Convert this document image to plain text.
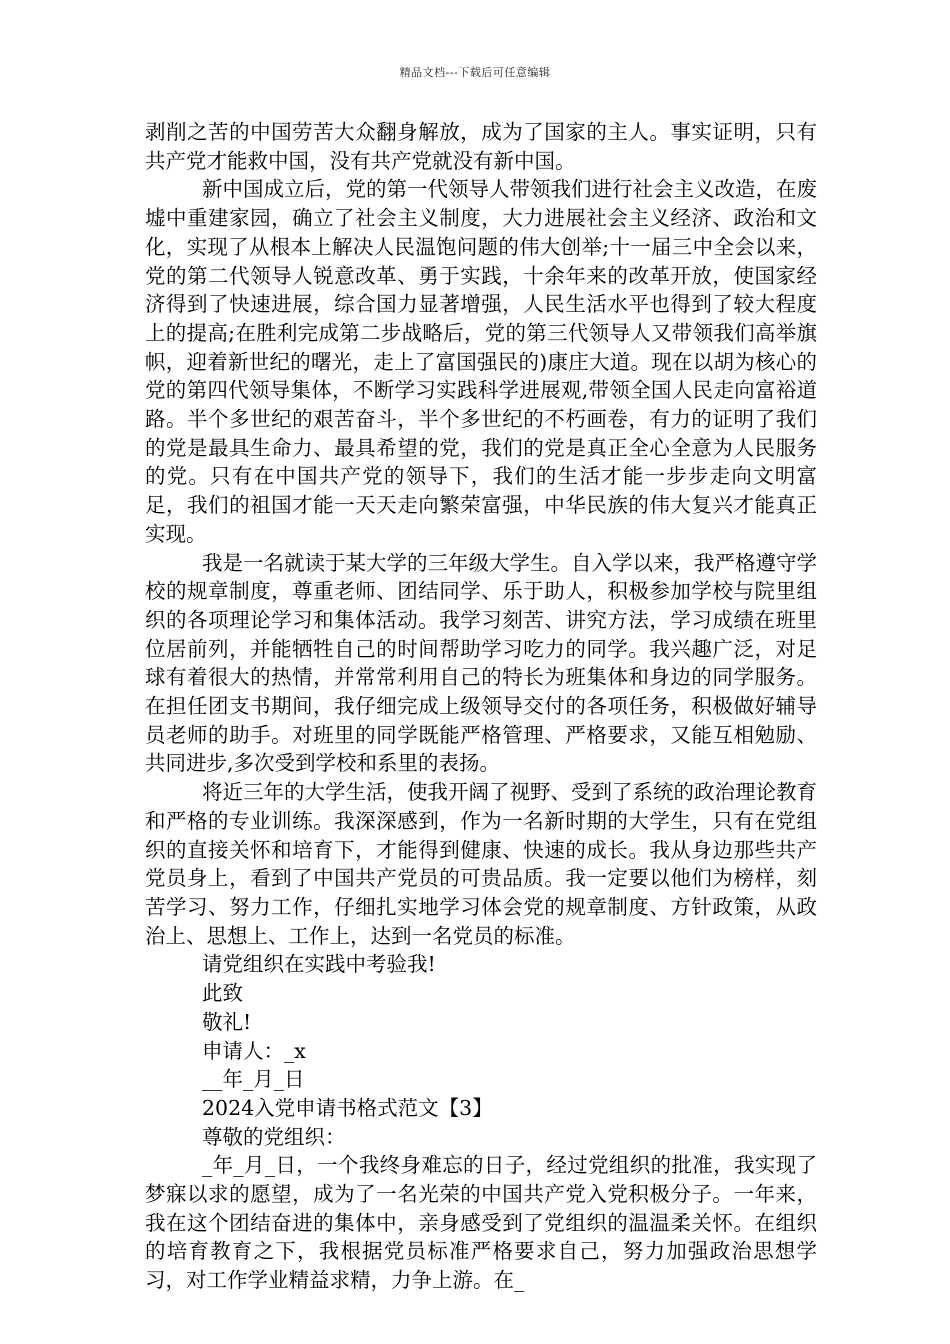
精品文档---下载后可任意编辑

剥削之苦的中国劳苦大众翻身解放，成为了国家的主人。事实证明，只有共产党才能救中国，没有共产党就没有新中国。

新中国成立后，党的第一代领导人带领我们进行社会主义改造，在废墟中重建家园，确立了社会主义制度，大力进展社会主义经济、政治和文化，实现了从根本上解决人民温饱问题的伟大创举;十一届三中全会以来，党的第二代领导人锐意改革、勇于实践，十余年来的改革开放，使国家经济得到了快速进展，综合国力显著增强，人民生活水平也得到了较大程度上的提高;在胜利完成第二步战略后，党的第三代领导人又带领我们高举旗帜，迎着新世纪的曙光，走上了富国强民的)康庄大道。现在以胡为核心的党的第四代领导集体，不断学习实践科学进展观,带领全国人民走向富裕道路。半个多世纪的艰苦奋斗，半个多世纪的不朽画卷，有力的证明了我们的党是最具生命力、最具希望的党，我们的党是真正全心全意为人民服务的党。只有在中国共产党的领导下，我们的生活才能一步步走向文明富足，我们的祖国才能一天天走向繁荣富强，中华民族的伟大复兴才能真正实现。

我是一名就读于某大学的三年级大学生。自入学以来，我严格遵守学校的规章制度，尊重老师、团结同学、乐于助人，积极参加学校与院里组织的各项理论学习和集体活动。我学习刻苦、讲究方法，学习成绩在班里位居前列，并能牺牲自己的时间帮助学习吃力的同学。我兴趣广泛，对足球有着很大的热情，并常常利用自己的特长为班集体和身边的同学服务。在担任团支书期间，我仔细完成上级领导交付的各项任务，积极做好辅导员老师的助手。对班里的同学既能严格管理、严格要求，又能互相勉励、共同进步,多次受到学校和系里的表扬。

将近三年的大学生活，使我开阔了视野、受到了系统的政治理论教育和严格的专业训练。我深深感到，作为一名新时期的大学生，只有在党组织的直接关怀和培育下，才能得到健康、快速的成长。我从身边那些共产党员身上，看到了中国共产党员的可贵品质。我一定要以他们为榜样，刻苦学习、努力工作，仔细扎实地学习体会党的规章制度、方针政策，从政治上、思想上、工作上，达到一名党员的标准。

请党组织在实践中考验我!

此致

敬礼!

申请人：_x

__年_月_日

2024入党申请书格式范文【3】

尊敬的党组织：

_年_月_日，一个我终身难忘的日子，经过党组织的批准，我实现了梦寐以求的愿望，成为了一名光荣的中国共产党入党积极分子。一年来，我在这个团结奋进的集体中，亲身感受到了党组织的温温柔关怀。在组织的培育教育之下，我根据党员标准严格要求自己，努力加强政治思想学习，对工作学业精益求精，力争上游。在_
